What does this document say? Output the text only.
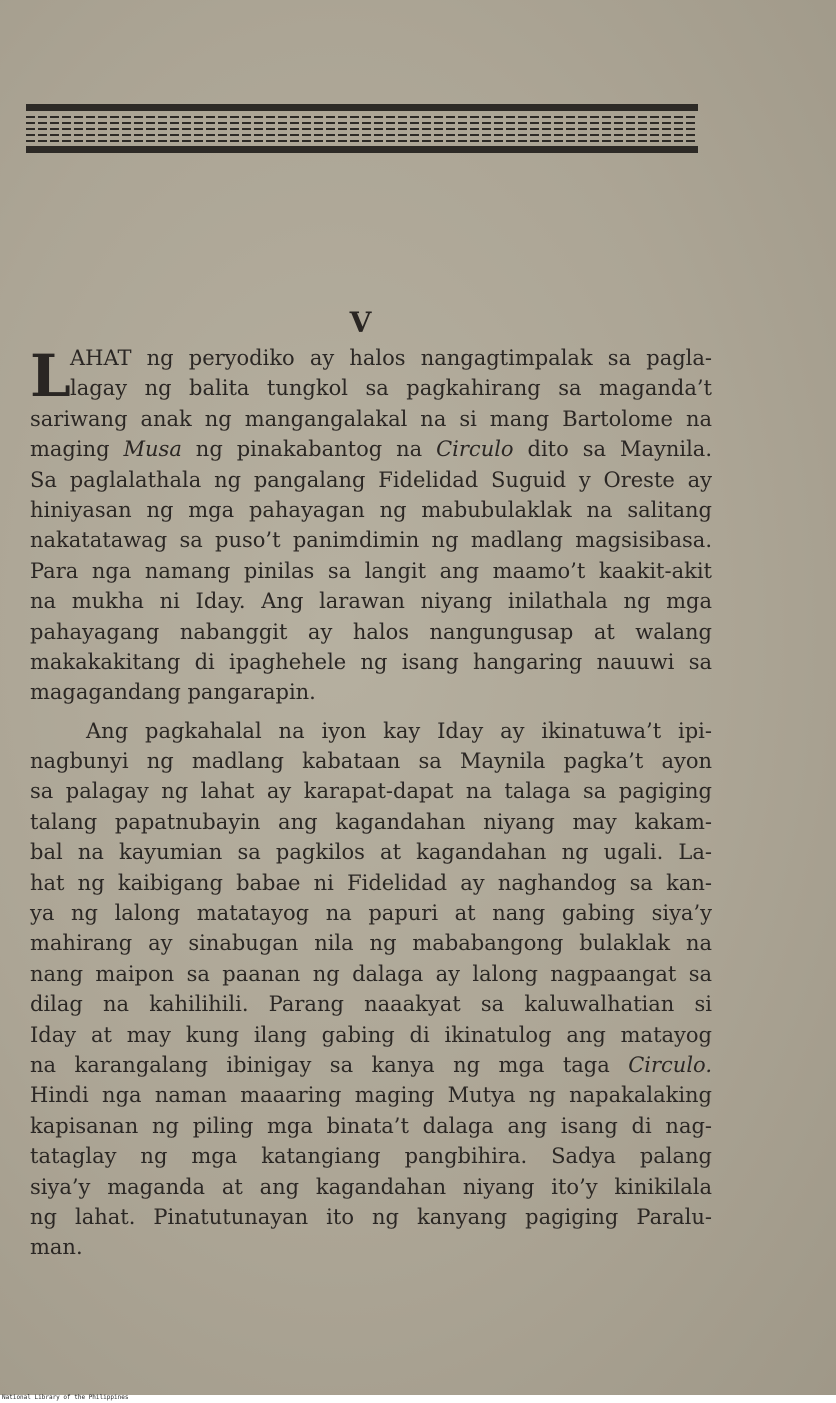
V
L AHAT ng peryodiko ay halos nangagtimpalak sa pagla-
lagay ng balita tungkol sa pagkahirang sa maganda’t
sariwang anak ng mangangalakal na si mang Bartolome na
maging Musa ng pinakabantog na Circulo dito sa Maynila.
Sa paglalathala ng pangalang Fidelidad Suguid y Oreste ay
hiniyasan ng mga pahayagan ng mabubulaklak na salitang
nakatatawag sa puso’t panimdimin ng madlang magsisibasa.
Para nga namang pinilas sa langit ang maamo’t kaakit-akit
na mukha ni Iday. Ang larawan niyang inilathala ng mga
pahayagang nabanggit ay halos nangungusap at walang
makakakitang di ipaghehele ng isang hangaring nauuwi sa
magagandang pangarapin.
Ang pagkahalal na iyon kay Iday ay ikinatuwa’t ipi-
nagbunyi ng madlang kabataan sa Maynila pagka’t ayon
sa palagay ng lahat ay karapat-dapat na talaga sa pagiging
talang papatnubayin ang kagandahan niyang may kakam-
bal na kayumian sa pagkilos at kagandahan ng ugali. La-
hat ng kaibigang babae ni Fidelidad ay naghandog sa kan-
ya ng lalong matatayog na papuri at nang gabing siya’y
mahirang ay sinabugan nila ng mababangong bulaklak na
nang maipon sa paanan ng dalaga ay lalong nagpaangat sa
dilag na kahilihili. Parang naaakyat sa kaluwalhatian si
Iday at may kung ilang gabing di ikinatulog ang matayog
na karangalang ibinigay sa kanya ng mga taga Circulo.
Hindi nga naman maaaring maging Mutya ng napakalaking
kapisanan ng piling mga binata’t dalaga ang isang di nag-
tataglay ng mga katangiang pangbihira. Sadya palang
siya’y maganda at ang kagandahan niyang ito’y kinikilala
ng lahat. Pinatutunayan ito ng kanyang pagiging Paralu-
man.
National Library of the Philippines
